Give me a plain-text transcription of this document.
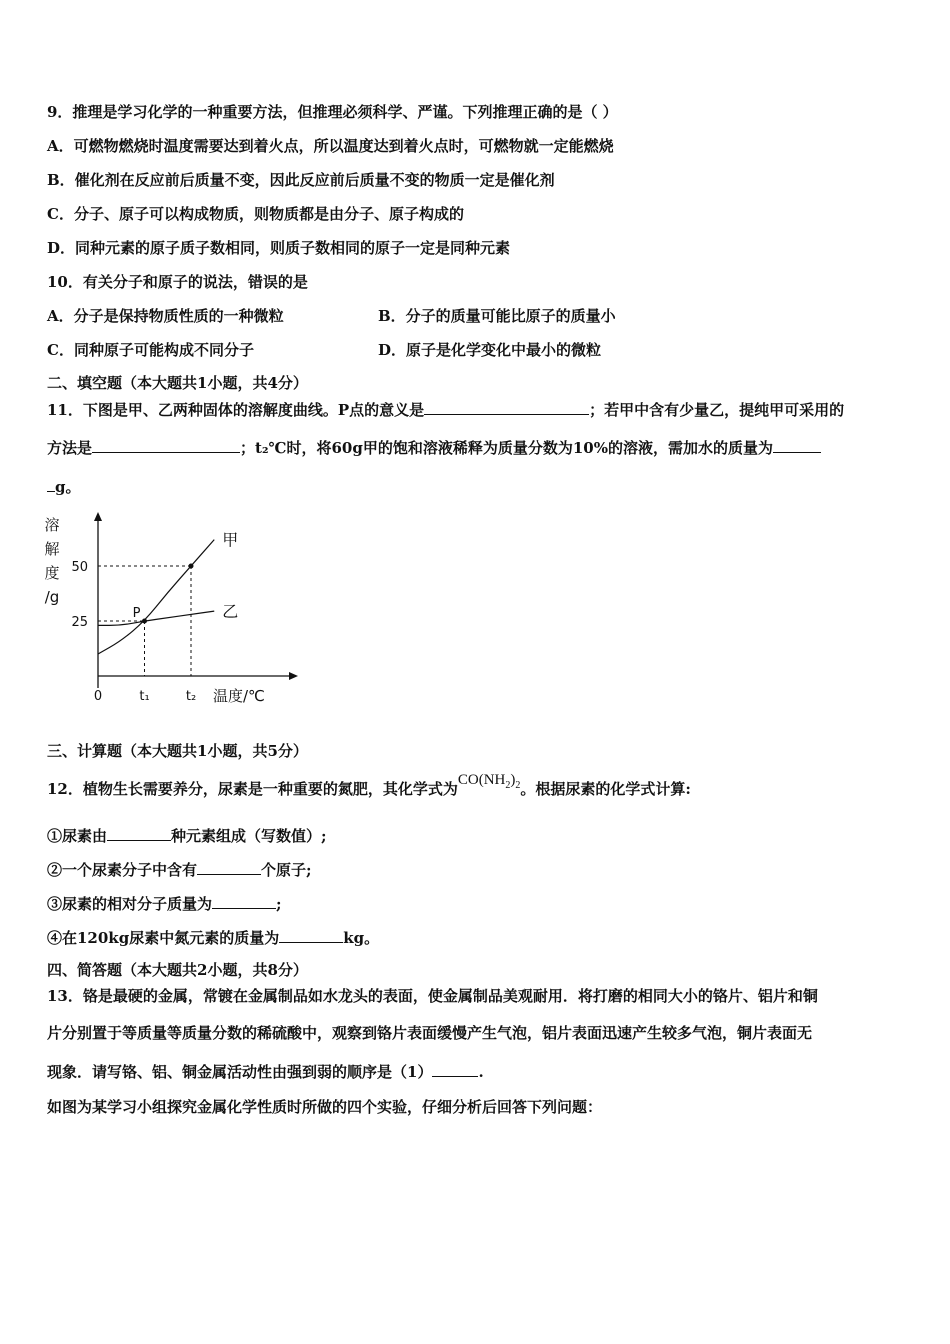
9．推理是学习化学的一种重要方法，但推理必须科学、严谨。下列推理正确的是（ ）
A．可燃物燃烧时温度需要达到着火点，所以温度达到着火点时，可燃物就一定能燃烧
B．催化剂在反应前后质量不变，因此反应前后质量不变的物质一定是催化剂
C．分子、原子可以构成物质，则物质都是由分子、原子构成的
D．同种元素的原子质子数相同，则质子数相同的原子一定是同种元素
10．有关分子和原子的说法，错误的是
A．分子是保持物质性质的一种微粒	B．分子的质量可能比原子的质量小
C．同种原子可能构成不同分子	D．原子是化学变化中最小的微粒
二、填空题（本大题共1小题，共4分）
11．下图是甲、乙两种固体的溶解度曲线。P点的意义是	；若甲中含有少量乙，提纯甲可采用的
方法是	；t₂℃时，将60g甲的饱和溶液稀释为质量分数为10%的溶液，需加水的质量为
g。
溶
解
度
/g
甲
乙
25
50
0	t₁	t₂ 温度/℃
P
三、计算题（本大题共1小题，共5分）
12．植物生长需要养分，尿素是一种重要的氮肥，其化学式为$CO(NH_2)_2$。根据尿素的化学式计算:
①尿素由	种元素组成（写数值）;
②一个尿素分子中含有	个原子;
③尿素的相对分子质量为	;
④在120kg尿素中氮元素的质量为	kg。
四、简答题（本大题共2小题，共8分）
13．铬是最硬的金属，常镀在金属制品如水龙头的表面，使金属制品美观耐用．将打磨的相同大小的铬片、铝片和铜
片分别置于等质量等质量分数的稀硫酸中，观察到铬片表面缓慢产生气泡，铝片表面迅速产生较多气泡，铜片表面无
现象．请写铬、铝、铜金属活动性由强到弱的顺序是（1）	.
如图为某学习小组探究金属化学性质时所做的四个实验，仔细分析后回答下列问题：
